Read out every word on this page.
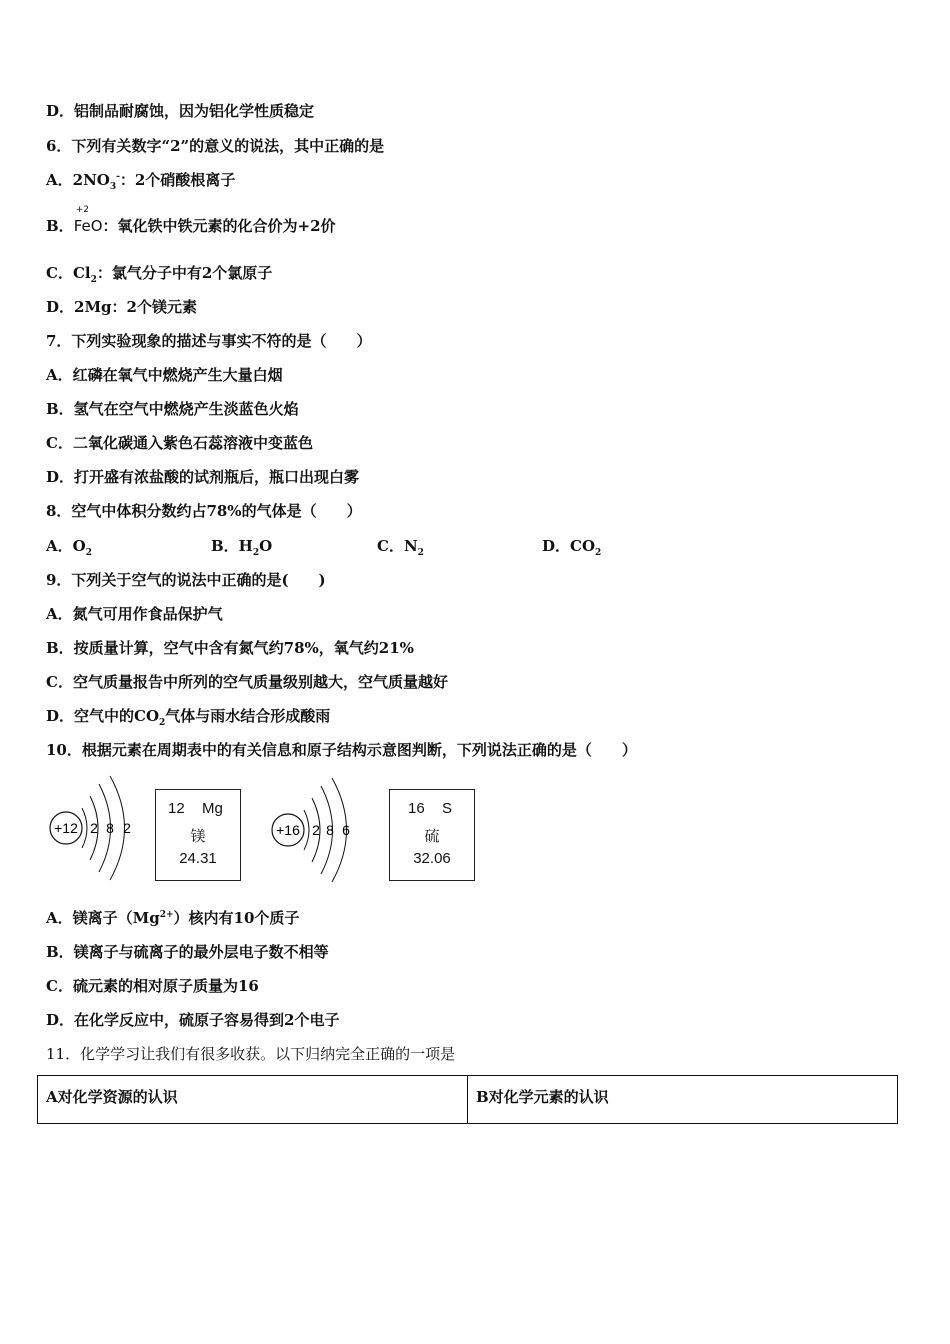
D．铝制品耐腐蚀，因为铝化学性质稳定
6．下列有关数字“2”的意义的说法，其中正确的是
A．$2NO_3^-$：2个硝酸根离子
B．
+2
FeO：氧化铁中铁元素的化合价为+2价
C．$Cl_2$：氯气分子中有2个氯原子
D．2Mg：2个镁元素
7．下列实验现象的描述与事实不符的是（　　）
A．红磷在氧气中燃烧产生大量白烟
B．氢气在空气中燃烧产生淡蓝色火焰
C．二氧化碳通入紫色石蕊溶液中变蓝色
D．打开盛有浓盐酸的试剂瓶后，瓶口出现白雾
8．空气中体积分数约占78%的气体是（　　）
A．$O_2$	B．$H_2O$	C．$N_2$	D．$CO_2$
9．下列关于空气的说法中正确的是(　　)
A．氮气可用作食品保护气
B．按质量计算，空气中含有氮气约78%，氧气约21%
C．空气质量报告中所列的空气质量级别越大，空气质量越好
D．空气中的$CO_2$气体与雨水结合形成酸雨
10．根据元素在周期表中的有关信息和原子结构示意图判断，下列说法正确的是（　　）
+12 2 8 2
12 Mg
镁
24.31
+16 2 8 6
16 S
硫
32.06
A．镁离子$(Mg^{2+})$核内有10个质子
B．镁离子与硫离子的最外层电子数不相等
C．硫元素的相对原子质量为16
D．在化学反应中，硫原子容易得到2个电子
11．化学学习让我们有很多收获。以下归纳完全正确的一项是
A对化学资源的认识	B对化学元素的认识
